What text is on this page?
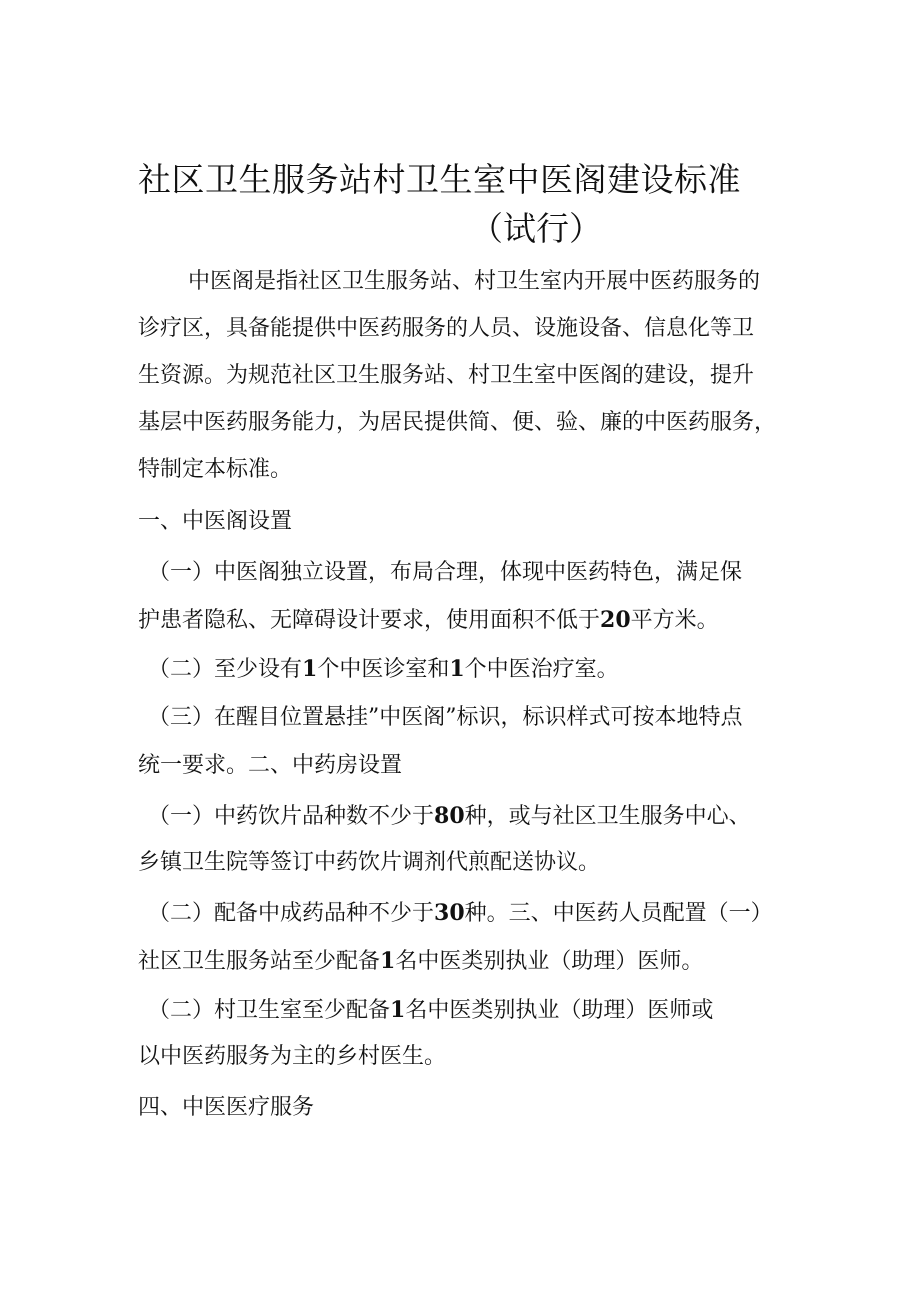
社区卫生服务站村卫生室中医阁建设标准
（试行）

中医阁是指社区卫生服务站、村卫生室内开展中医药服务的

诊疗区，具备能提供中医药服务的人员、设施设备、信息化等卫

生资源。为规范社区卫生服务站、村卫生室中医阁的建设，提升

基层中医药服务能力，为居民提供简、便、验、廉的中医药服务，

特制定本标准。

一、中医阁设置

（一）中医阁独立设置，布局合理，体现中医药特色，满足保

护患者隐私、无障碍设计要求，使用面积不低于20平方米。

（二）至少设有1个中医诊室和1个中医治疗室。

（三）在醒目位置悬挂”中医阁”标识，标识样式可按本地特点

统一要求。二、中药房设置

（一）中药饮片品种数不少于80种，或与社区卫生服务中心、

乡镇卫生院等签订中药饮片调剂代煎配送协议。

（二）配备中成药品种不少于30种。三、中医药人员配置（一）

社区卫生服务站至少配备1名中医类别执业（助理）医师。

（二）村卫生室至少配备1名中医类别执业（助理）医师或

以中医药服务为主的乡村医生。

四、中医医疗服务
